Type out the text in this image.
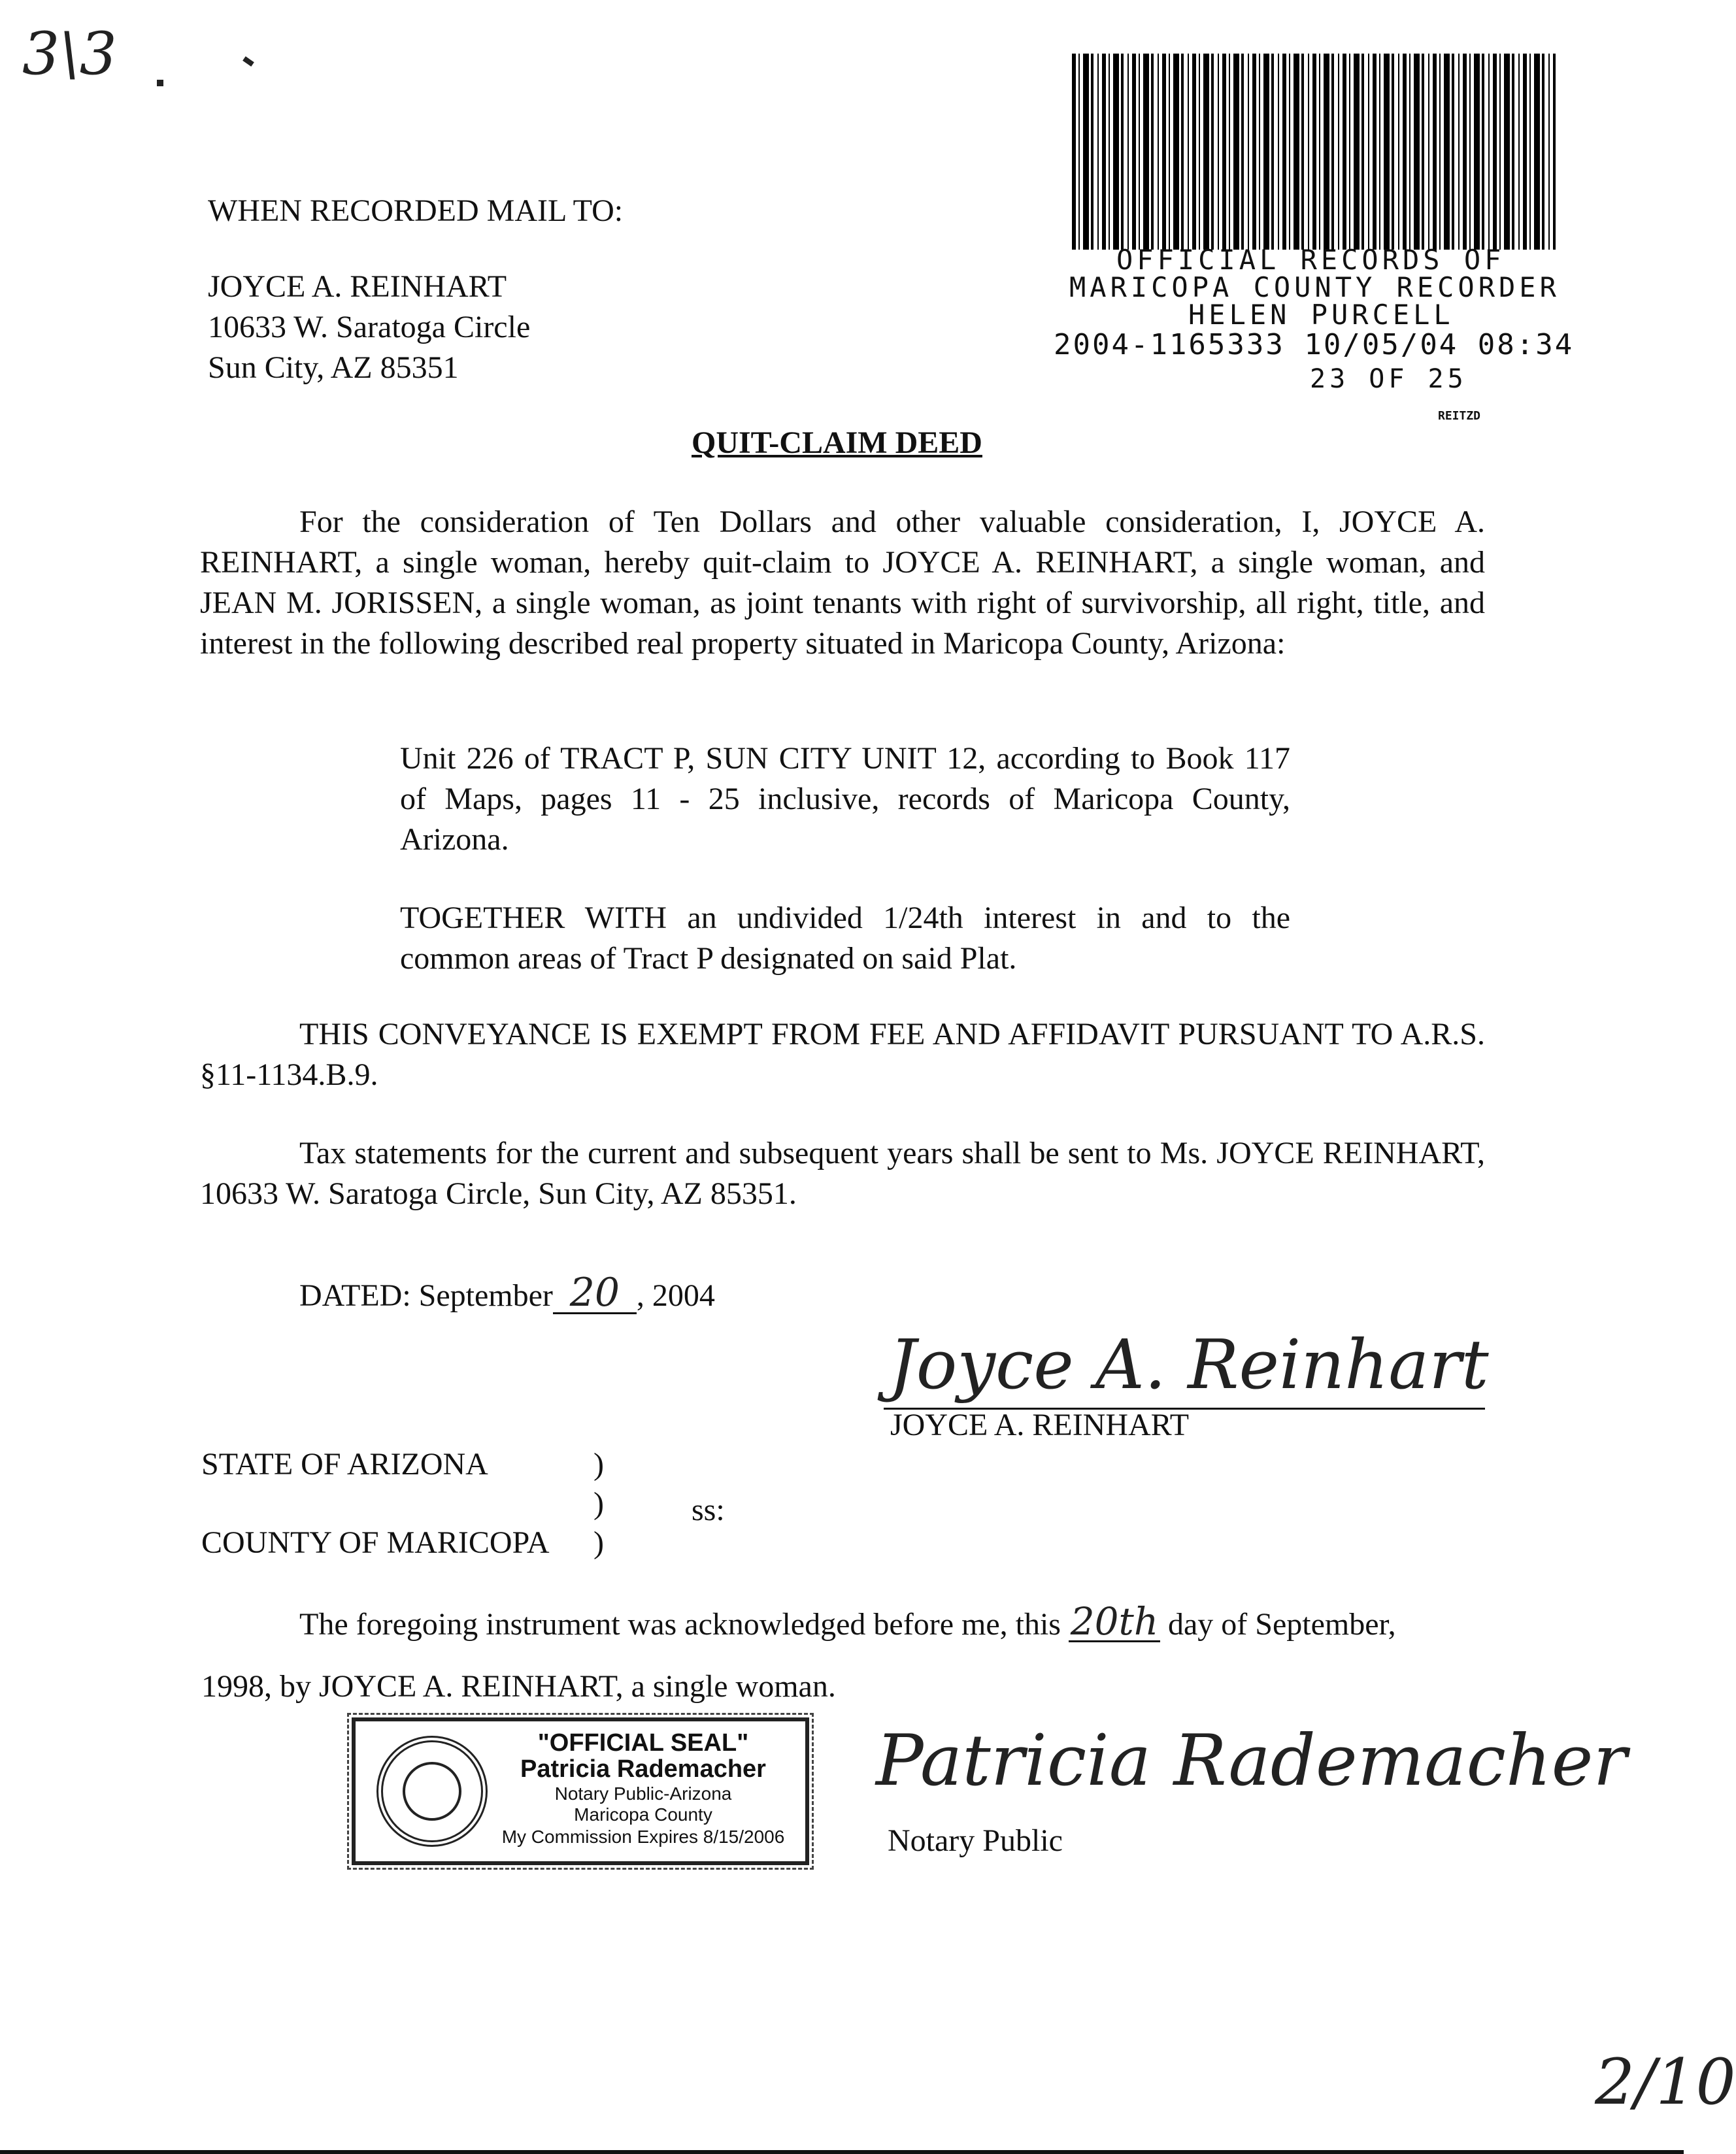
3\3
2/10
WHEN RECORDED MAIL TO:
JOYCE A. REINHART
10633 W. Saratoga Circle
Sun City, AZ 85351
OFFICIAL RECORDS OF
MARICOPA COUNTY RECORDER
HELEN PURCELL
2004-1165333 10/05/04 08:34
23 OF 25
REITZD
QUIT-CLAIM DEED
For the consideration of Ten Dollars and other valuable consideration, I, JOYCE A. REINHART, a single woman, hereby quit-claim to JOYCE A. REINHART, a single woman, and JEAN M. JORISSEN, a single woman, as joint tenants with right of survivorship, all right, title, and interest in the following described real property situated in Maricopa County, Arizona:
Unit 226 of TRACT P, SUN CITY UNIT 12, according to Book 117 of Maps, pages 11 - 25 inclusive, records of Maricopa County, Arizona.
TOGETHER WITH an undivided 1/24th interest in and to the common areas of Tract P designated on said Plat.
THIS CONVEYANCE IS EXEMPT FROM FEE AND AFFIDAVIT PURSUANT TO A.R.S. §11-1134.B.9.
Tax statements for the current and subsequent years shall be sent to Ms. JOYCE REINHART, 10633 W. Saratoga Circle, Sun City, AZ 85351.
DATED: September 20 , 2004
Joyce A. Reinhart
JOYCE A. REINHART
STATE OF ARIZONA	)
)	ss:
COUNTY OF MARICOPA )
The foregoing instrument was acknowledged before me, this 20th day of September,
1998, by JOYCE A. REINHART, a single woman.
"OFFICIAL SEAL"
Patricia Rademacher
Notary Public-Arizona
Maricopa County
My Commission Expires 8/15/2006
Patricia Rademacher
Notary Public
